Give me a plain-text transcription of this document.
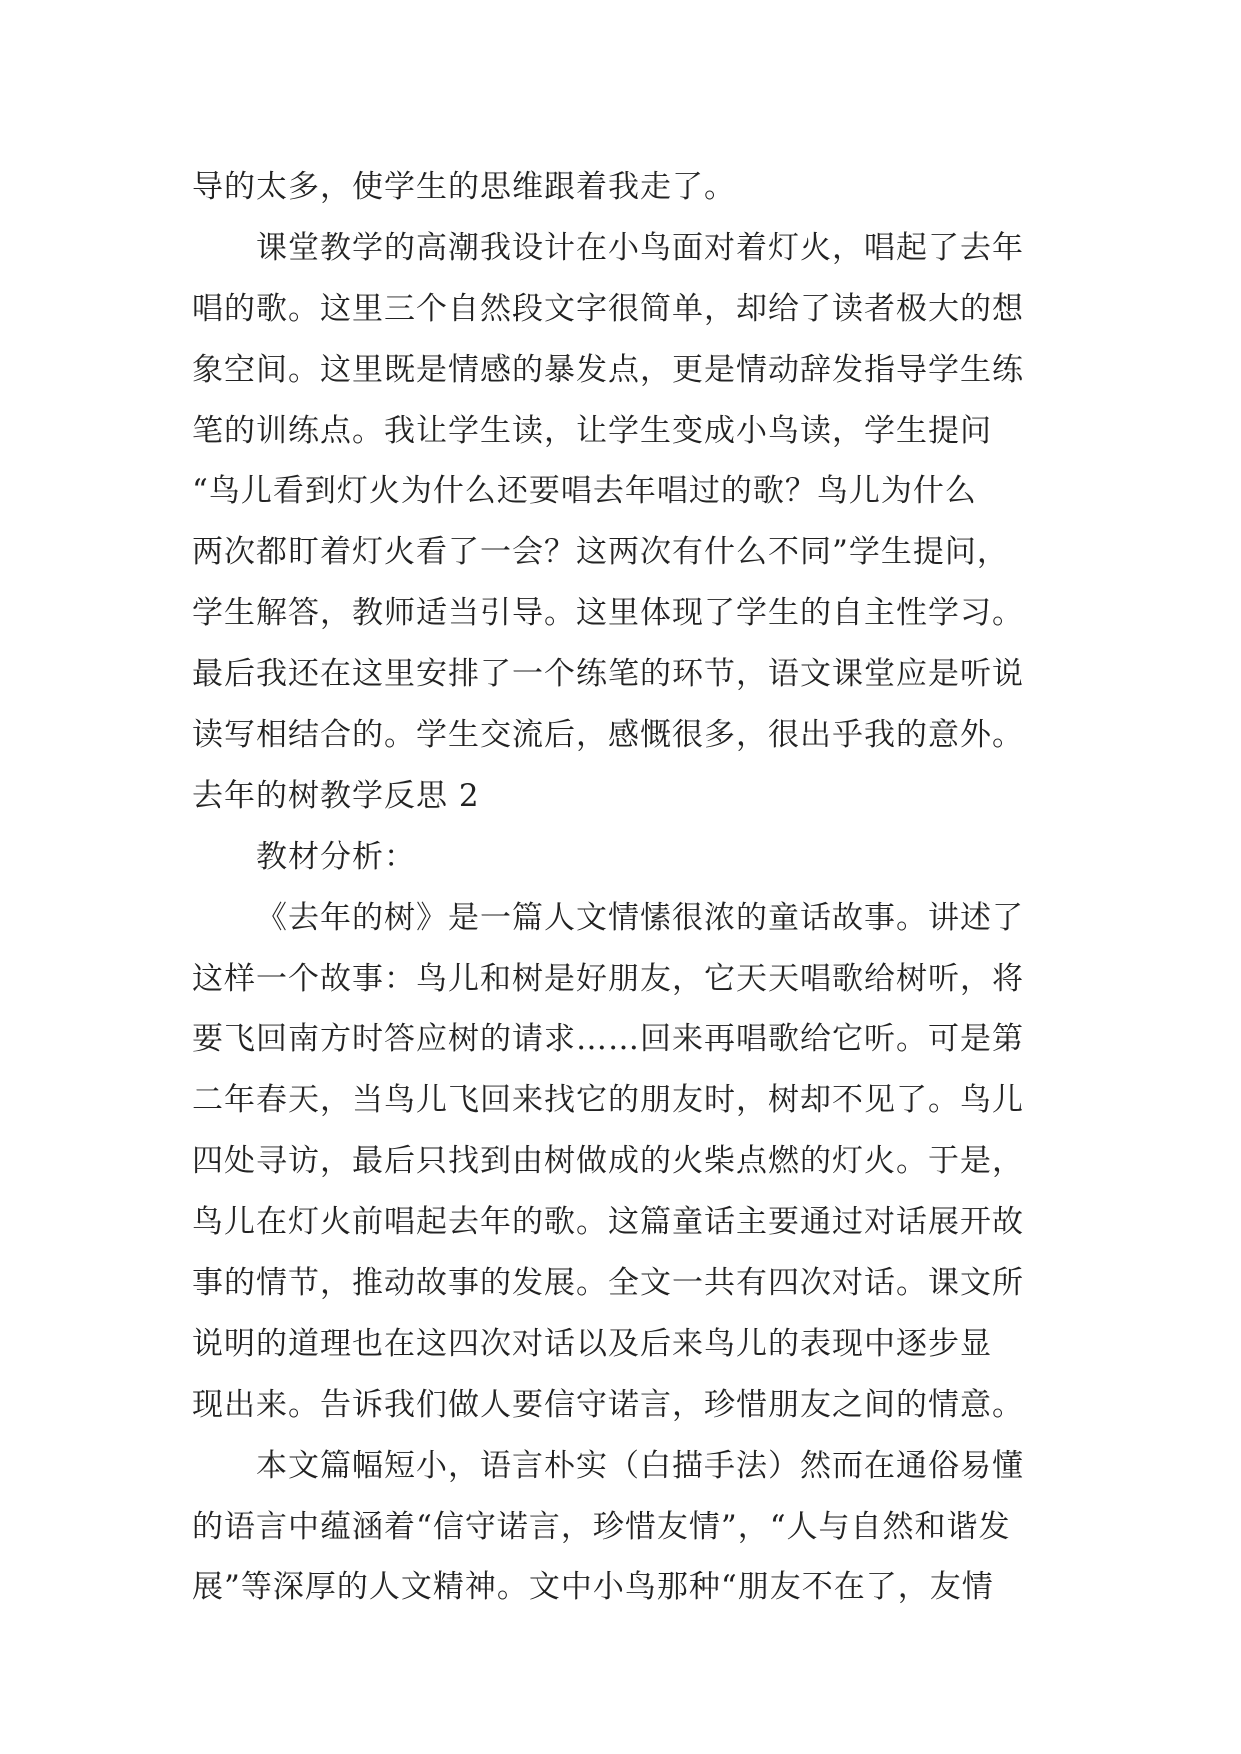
导的太多，使学生的思维跟着我走了。
课堂教学的高潮我设计在小鸟面对着灯火，唱起了去年
唱的歌。这里三个自然段文字很简单，却给了读者极大的想
象空间。这里既是情感的暴发点，更是情动辞发指导学生练
笔的训练点。我让学生读，让学生变成小鸟读，学生提问
“鸟儿看到灯火为什么还要唱去年唱过的歌？鸟儿为什么
两次都盯着灯火看了一会？这两次有什么不同”学生提问，
学生解答，教师适当引导。这里体现了学生的自主性学习。
最后我还在这里安排了一个练笔的环节，语文课堂应是听说
读写相结合的。学生交流后，感慨很多，很出乎我的意外。
去年的树教学反思 2
教材分析：
《去年的树》是一篇人文情愫很浓的童话故事。讲述了
这样一个故事：鸟儿和树是好朋友，它天天唱歌给树听，将
要飞回南方时答应树的请求……回来再唱歌给它听。可是第
二年春天，当鸟儿飞回来找它的朋友时，树却不见了。鸟儿
四处寻访，最后只找到由树做成的火柴点燃的灯火。于是，
鸟儿在灯火前唱起去年的歌。这篇童话主要通过对话展开故
事的情节，推动故事的发展。全文一共有四次对话。课文所
说明的道理也在这四次对话以及后来鸟儿的表现中逐步显
现出来。告诉我们做人要信守诺言，珍惜朋友之间的情意。
本文篇幅短小，语言朴实（白描手法）然而在通俗易懂
的语言中蕴涵着“信守诺言，珍惜友情”，“人与自然和谐发
展”等深厚的人文精神。文中小鸟那种“朋友不在了，友情
